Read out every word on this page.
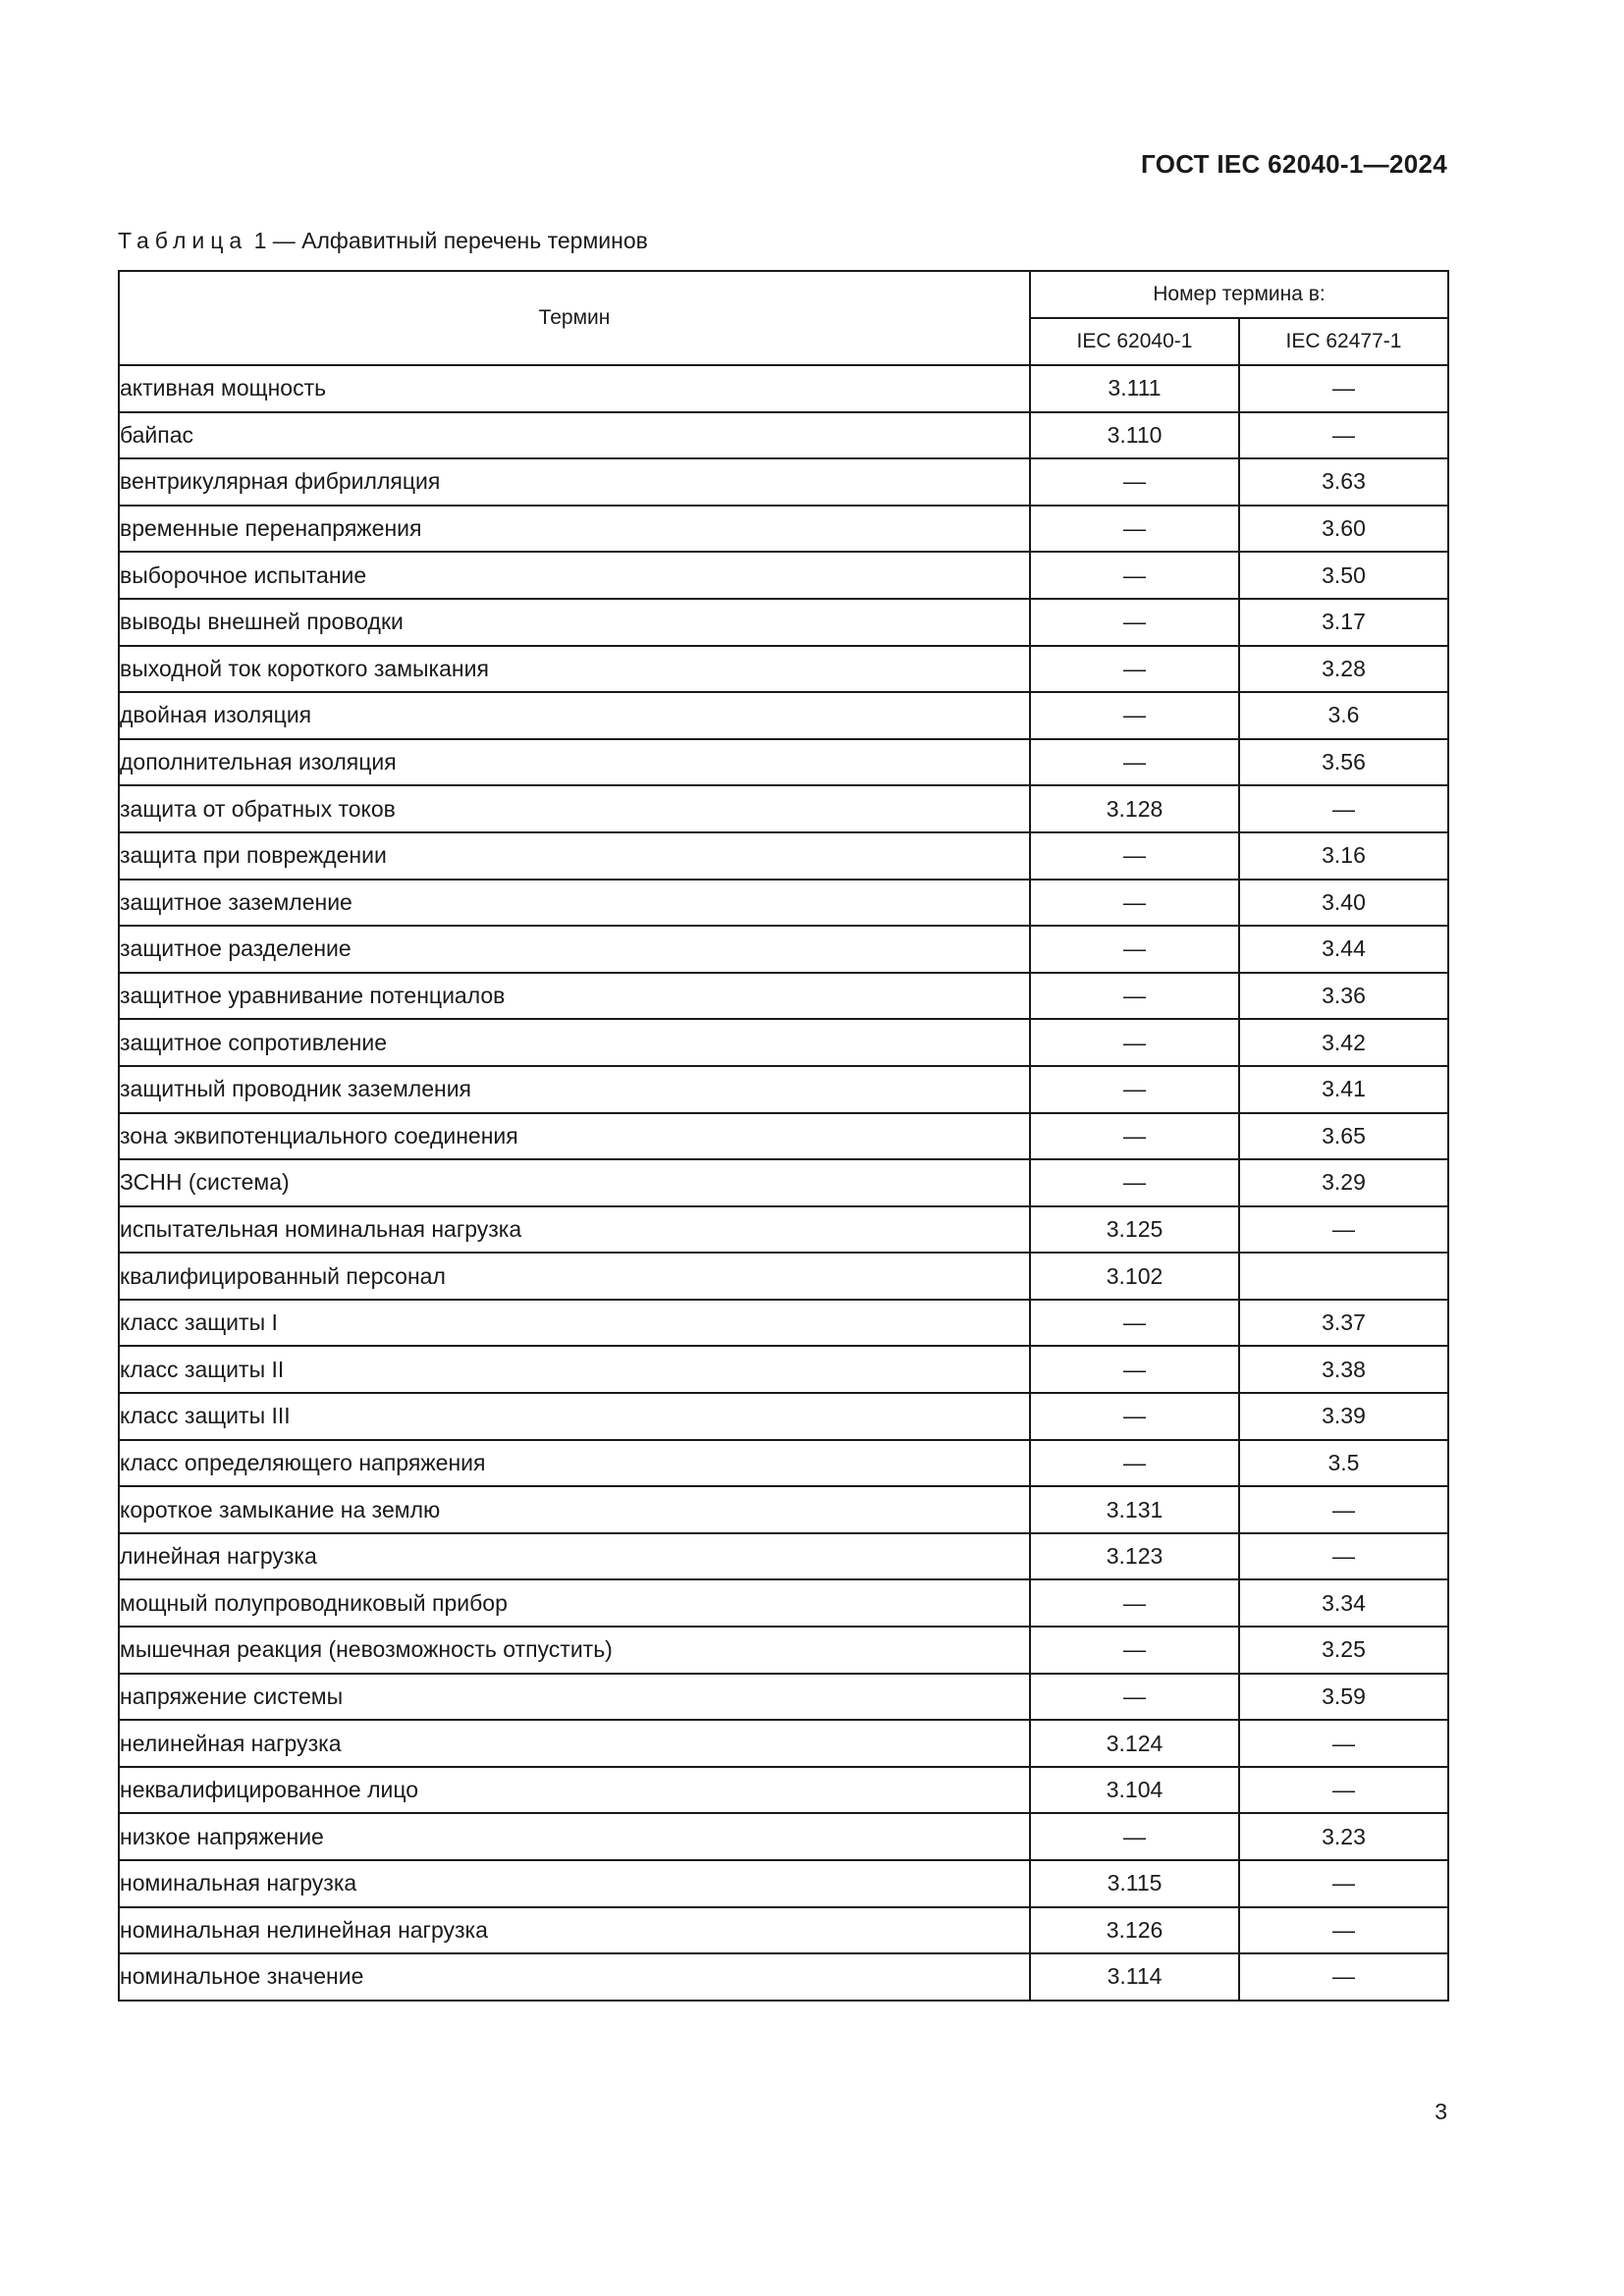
ГОСТ IEC 62040-1—2024
Таблица 1 — Алфавитный перечень терминов
Термин	Номер термина в:	
	IEC 62040-1	IEC 62477-1
активная мощность	3.111	—
байпас	3.110	—
вентрикулярная фибрилляция	—	3.63
временные перенапряжения	—	3.60
выборочное испытание	—	3.50
выводы внешней проводки	—	3.17
выходной ток короткого замыкания	—	3.28
двойная изоляция	—	3.6
дополнительная изоляция	—	3.56
защита от обратных токов	3.128	—
защита при повреждении	—	3.16
защитное заземление	—	3.40
защитное разделение	—	3.44
защитное уравнивание потенциалов	—	3.36
защитное сопротивление	—	3.42
защитный проводник заземления	—	3.41
зона эквипотенциального соединения	—	3.65
ЗСНН (система)	—	3.29
испытательная номинальная нагрузка	3.125	—
квалифицированный персонал	3.102	
класс защиты I	—	3.37
класс защиты II	—	3.38
класс защиты III	—	3.39
класс определяющего напряжения	—	3.5
короткое замыкание на землю	3.131	—
линейная нагрузка	3.123	—
мощный полупроводниковый прибор	—	3.34
мышечная реакция (невозможность отпустить)	—	3.25
напряжение системы	—	3.59
нелинейная нагрузка	3.124	—
неквалифицированное лицо	3.104	—
низкое напряжение	—	3.23
номинальная нагрузка	3.115	—
номинальная нелинейная нагрузка	3.126	—
номинальное значение	3.114	—
3
